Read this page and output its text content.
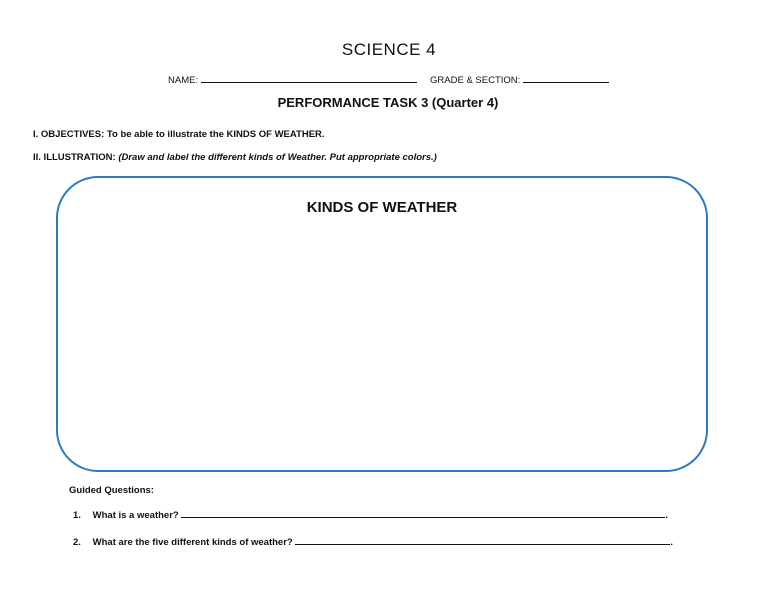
SCIENCE 4
NAME:	GRADE & SECTION:
PERFORMANCE TASK 3 (Quarter 4)
I. OBJECTIVES: To be able to illustrate the KINDS OF WEATHER.
II. ILLUSTRATION: (Draw and label the different kinds of Weather. Put appropriate colors.)
KINDS OF WEATHER
Guided Questions:
1. What is a weather?	.
2. What are the five different kinds of weather?	.
